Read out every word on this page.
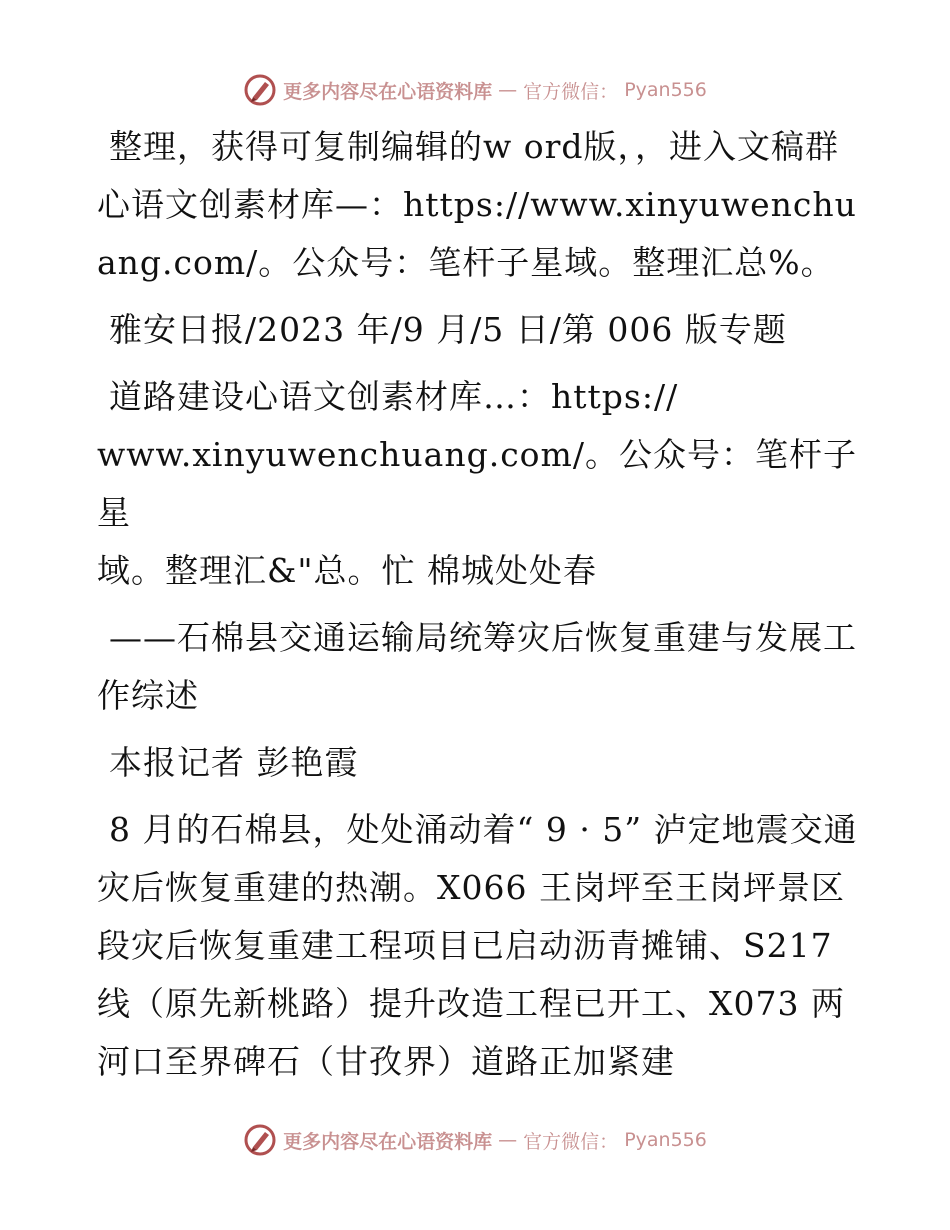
更多内容尽在心语资料库 — 官方微信： Pyan556

整理，获得可复制编辑的w ord版，，进入文稿群心语文创素材库—：https://www.xinyuwenchuang.com/。公众号：笔杆子星域。整理汇总%。

雅安日报/2023 年/9 月/5 日/第 006 版专题

道路建设心语文创素材库…：https://

www.xinyuwenchuang.com/。公众号：笔杆子星

域。整理汇&"总。忙 棉城处处春

——石棉县交通运输局统筹灾后恢复重建与发展工作综述

本报记者 彭艳霞

8 月的石棉县，处处涌动着“ 9 · 5” 泸定地震交通灾后恢复重建的热潮。X066 王岗坪至王岗坪景区段灾后恢复重建工程项目已启动沥青摊铺、S217 线（原先新桃路）提升改造工程已开工、X073 两河口至界碑石（甘孜界）道路正加紧建

更多内容尽在心语资料库 — 官方微信： Pyan556
